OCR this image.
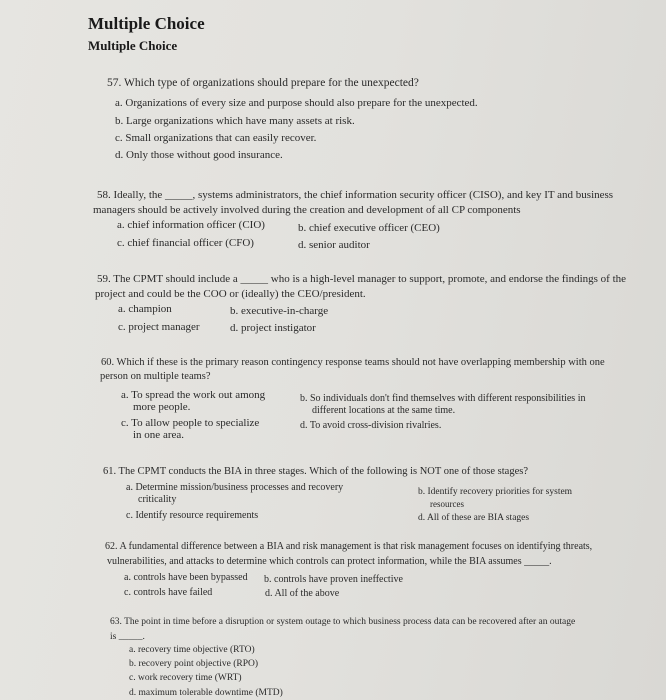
Multiple Choice
Multiple Choice
57. Which type of organizations should prepare for the unexpected?
a. Organizations of every size and purpose should also prepare for the unexpected.
b. Large organizations which have many assets at risk.
c. Small organizations that can easily recover.
d. Only those without good insurance.
58. Ideally, the _____, systems administrators, the chief information security officer (CISO), and key IT and business
managers should be actively involved during the creation and development of all CP components
a. chief information officer (CIO)	b. chief executive officer (CEO)
c. chief financial officer (CFO)	d. senior auditor
59. The CPMT should include a _____ who is a high-level manager to support, promote, and endorse the findings of the
project and could be the COO or (ideally) the CEO/president.
a. champion	b. executive-in-charge
c. project manager	d. project instigator
60. Which if these is the primary reason contingency response teams should not have overlapping membership with one
person on multiple teams?
a. To spread the work out among
more people.
b. So individuals don't find themselves with different responsibilities in
different locations at the same time.
c. To allow people to specialize
in one area.
d. To avoid cross-division rivalries.
61. The CPMT conducts the BIA in three stages. Which of the following is NOT one of those stages?
a. Determine mission/business processes and recovery
criticality
b. Identify recovery priorities for system
resources
c. Identify resource requirements	d. All of these are BIA stages
62. A fundamental difference between a BIA and risk management is that risk management focuses on identifying threats,
vulnerabilities, and attacks to determine which controls can protect information, while the BIA assumes _____.
a. controls have been bypassed b. controls have proven ineffective
c. controls have failed	d. All of the above
63. The point in time before a disruption or system outage to which business process data can be recovered after an outage
is _____.
a. recovery time objective (RTO)
b. recovery point objective (RPO)
c. work recovery time (WRT)
d. maximum tolerable downtime (MTD)
